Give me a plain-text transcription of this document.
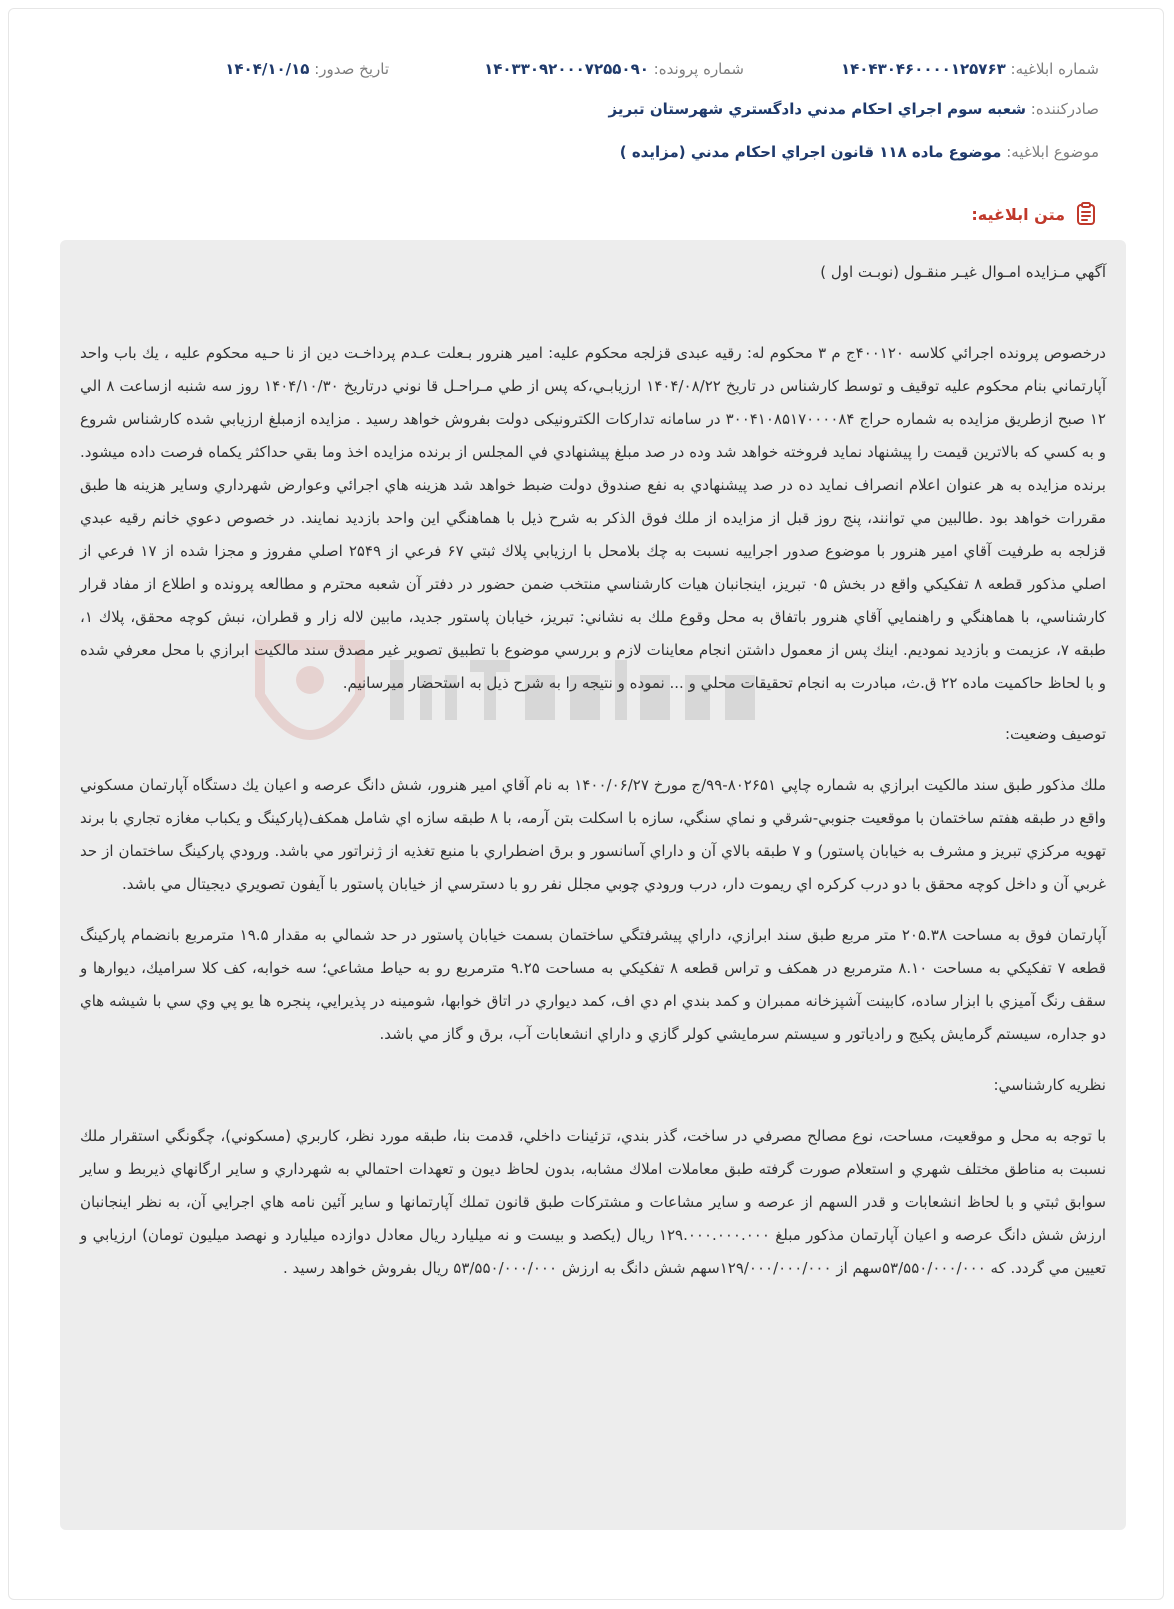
شماره ابلاغيه: ۱۴۰۴۳۰۴۶۰۰۰۰۱۲۵۷۶۳
شماره پرونده: ۱۴۰۳۳۰۹۲۰۰۰۷۲۵۵۰۹۰
تاريخ صدور: ۱۴۰۴/۱۰/۱۵
صادرکننده: شعبه سوم اجراي احكام مدني دادگستري شهرستان تبريز
موضوع ابلاغيه: موضوع ماده ۱۱۸ قانون اجراي احكام مدني (مزايده )
متن ابلاغيه:

آگهي مـزايده امـوال غيـر منقـول (نوبـت اول )

درخصوص پرونده اجرائي كلاسه ۴۰۰۱۲۰ج م ۳ محكوم له: رقيه عبدى قزلجه محكوم عليه: امير هنرور بـعلت عـدم پرداخـت دين از نا حـيه محكوم عليه ، يك باب واحد آپارتماني بنام محكوم عليه توقيف و توسط كارشناس در تاريخ ۱۴۰۴/۰۸/۲۲ ارزيابـي،كه پس از طي مـراحـل قا نوني درتاريخ ۱۴۰۴/۱۰/۳۰ روز سه شنبه ازساعت ۸ الي ۱۲ صبح ازطريق مزايده به شماره حراج ۳۰۰۴۱۰۸۵۱۷۰۰۰۰۸۴ در سامانه تداركات الكترونيكى دولت بفروش خواهد رسيد . مزايده ازمبلغ ارزيابي شده كارشناس شروع و به كسي كه بالاترين قيمت را پيشنهاد نمايد فروخته خواهد شد وده در صد مبلغ پيشنهادي في المجلس از برنده مزايده اخذ وما بقي حداكثر يكماه فرصت داده ميشود. برنده مزايده به هر عنوان اعلام انصراف نمايد ده در صد پيشنهادي به نفع صندوق دولت ضبط خواهد شد هزينه هاي اجرائي وعوارض شهرداري وساير هزينه ها طبق مقررات خواهد بود .طالبين مي توانند، پنج روز قبل از مزايده از ملك فوق الذكر به شرح ذيل با هماهنگي اين واحد بازديد نمايند. در خصوص دعوي خانم رقيه عبدي قزلجه به طرفيت آقاي امير هنرور با موضوع صدور اجراييه نسبت به چك بلامحل با ارزيابي پلاك ثبتي ۶۷ فرعي از ۲۵۴۹ اصلي مفروز و مجزا شده از ۱۷ فرعي از اصلي مذكور قطعه ۸ تفكيكي واقع در بخش ۰۵ تبريز، اينجانبان هيات كارشناسي منتخب ضمن حضور در دفتر آن شعبه محترم و مطالعه پرونده و اطلاع از مفاد قرار كارشناسي، با هماهنگي و راهنمايي آقاي هنرور باتفاق به محل وقوع ملك به نشاني: تبريز، خيابان پاستور جديد، مابين لاله زار و قطران، نبش كوچه محقق، پلاك ۱، طبقه ۷، عزيمت و بازديد نموديم. اينك پس از معمول داشتن انجام معاينات لازم و بررسي موضوع با تطبيق تصوير غير مصدق سند مالكيت ابرازي با محل معرفي شده و با لحاظ حاكميت ماده ۲۲ ق.ث، مبادرت به انجام تحقيقات محلي و ... نموده و نتيجه را به شرح ذيل به استحضار ميرسانيم.

توصيف وضعيت:

ملك مذكور طبق سند مالكيت ابرازي به شماره چاپي ۸۰۲۶۵۱-۹۹/ج مورخ ۱۴۰۰/۰۶/۲۷ به نام آقاي امير هنرور، شش دانگ عرصه و اعيان يك دستگاه آپارتمان مسكوني واقع در طبقه هفتم ساختمان با موقعيت جنوبي-شرقي و نماي سنگي، سازه با اسكلت بتن آرمه، با ۸ طبقه سازه اي شامل همكف(پاركينگ و يكباب مغازه تجاري با برند تهويه مركزي تبريز و مشرف به خيابان پاستور) و ۷ طبقه بالاي آن و داراي آسانسور و برق اضطراري با منبع تغذيه از ژنراتور مي باشد. ورودي پاركينگ ساختمان از حد غربي آن و داخل كوچه محقق با دو درب كركره اي ريموت دار، درب ورودي چوبي مجلل نفر رو با دسترسي از خيابان پاستور با آيفون تصويري ديجيتال مي باشد.

آپارتمان فوق به مساحت ۲۰۵.۳۸ متر مربع طبق سند ابرازي، داراي پيشرفتگي ساختمان بسمت خيابان پاستور در حد شمالي به مقدار ۱۹.۵ مترمربع بانضمام پاركينگ قطعه ۷ تفكيكي به مساحت ۸.۱۰ مترمربع در همكف و تراس قطعه ۸ تفكيكي به مساحت ۹.۲۵ مترمربع رو به حياط مشاعي؛ سه خوابه، كف كلا سراميك، ديوارها و سقف رنگ آميزي با ابزار ساده، كابينت آشپزخانه ممبران و كمد بندي ام دي اف، كمد ديواري در اتاق خوابها، شومينه در پذيرايي، پنجره ها يو پي وي سي با شيشه هاي دو جداره، سيستم گرمايش پكيج و رادياتور و سيستم سرمايشي كولر گازي و داراي انشعابات آب، برق و گاز مي باشد.

نظريه كارشناسي:

با توجه به محل و موقعيت، مساحت، نوع مصالح مصرفي در ساخت، گذر بندي، تزئينات داخلي، قدمت بنا، طبقه مورد نظر، كاربري (مسكوني)، چگونگي استقرار ملك نسبت به مناطق مختلف شهري و استعلام صورت گرفته طبق معاملات املاك مشابه، بدون لحاظ ديون و تعهدات احتمالي به شهرداري و ساير ارگانهاي ذيربط و ساير سوابق ثبتي و با لحاظ انشعابات و قدر السهم از عرصه و ساير مشاعات و مشتركات طبق قانون تملك آپارتمانها و ساير آئين نامه هاي اجرايي آن، به نظر اينجانبان ارزش شش دانگ عرصه و اعيان آپارتمان مذكور مبلغ ۱۲۹.۰۰۰.۰۰۰.۰۰۰ ريال (يكصد و بيست و نه ميليارد ريال معادل دوازده ميليارد و نهصد ميليون تومان) ارزيابي و تعيين مي گردد. كه ۵۳/۵۵۰/۰۰۰/۰۰۰سهم از ۱۲۹/۰۰۰/۰۰۰/۰۰۰سهم شش دانگ به ارزش ۵۳/۵۵۰/۰۰۰/۰۰۰ ريال بفروش خواهد رسيد .
